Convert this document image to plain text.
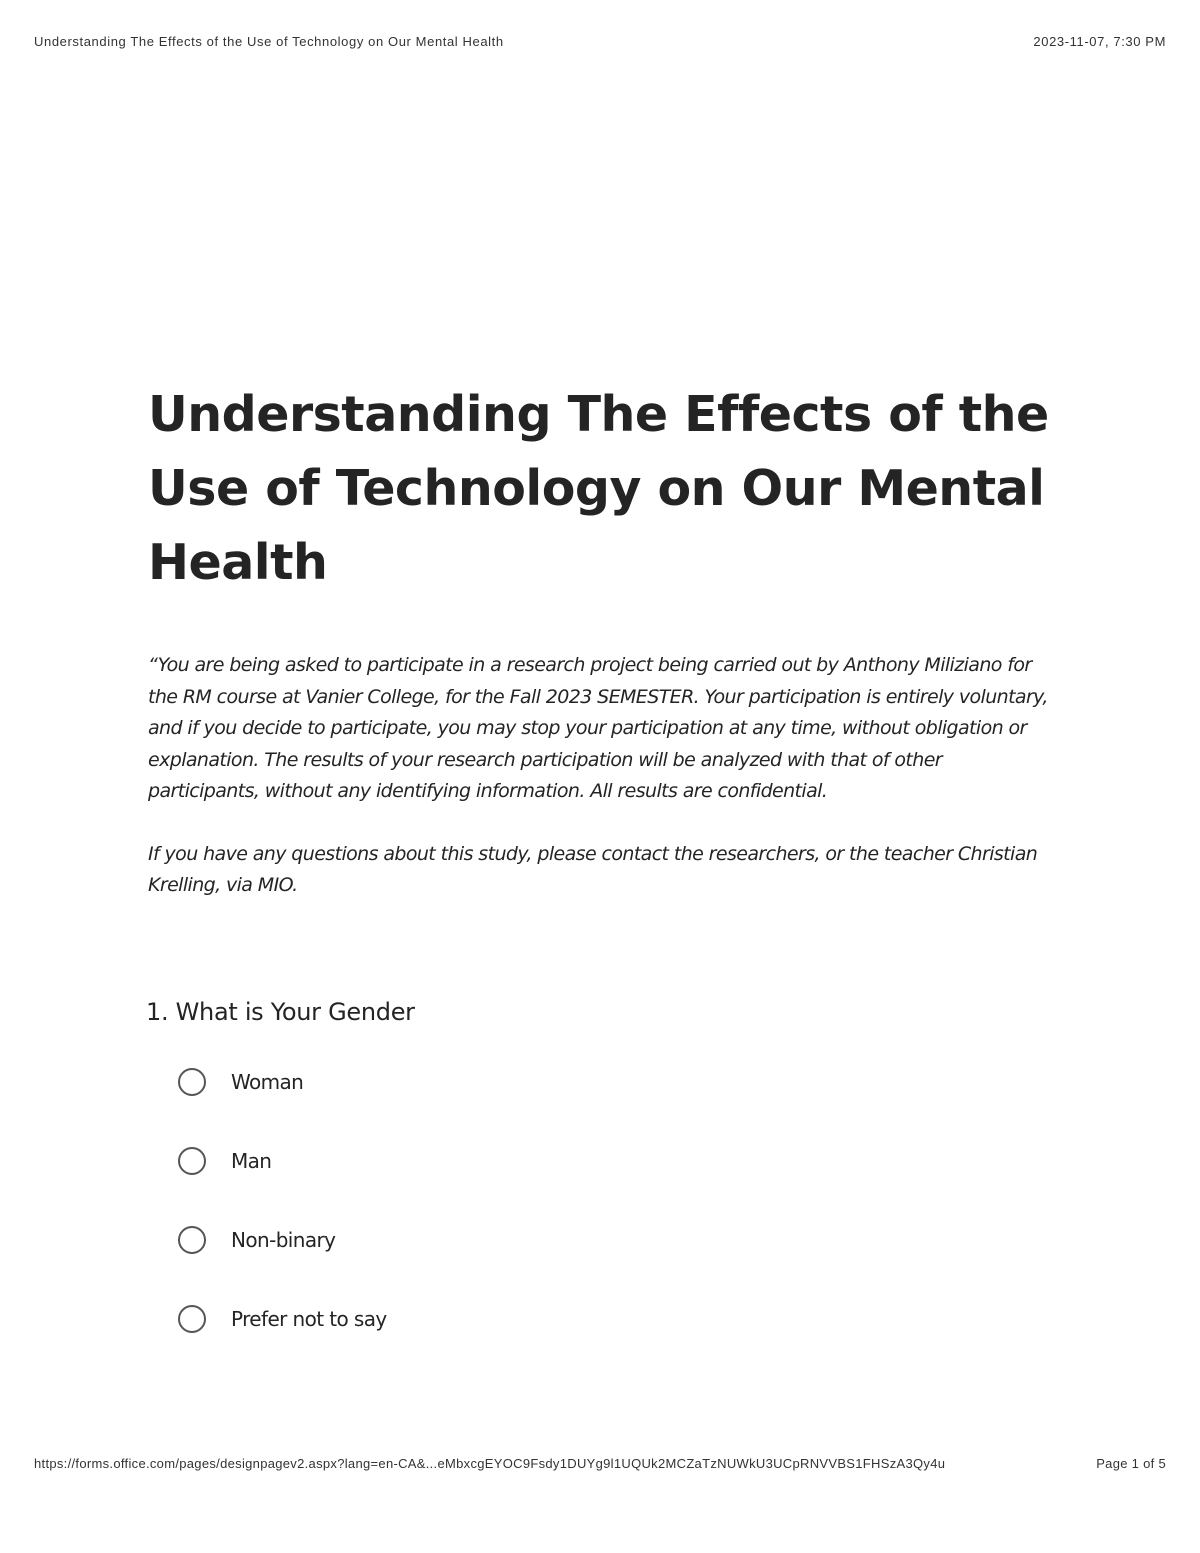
Understanding The Effects of the Use of Technology on Our Mental Health	2023-11-07, 7:30 PM
Understanding The Effects of the Use of Technology on Our Mental Health

“You are being asked to participate in a research project being carried out by Anthony Miliziano for the RM course at Vanier College, for the Fall 2023 SEMESTER. Your participation is entirely voluntary, and if you decide to participate, you may stop your participation at any time, without obligation or explanation. The results of your research participation will be analyzed with that of other participants, without any identifying information. All results are confidential.

If you have any questions about this study, please contact the researchers, or the teacher Christian Krelling, via MIO.

1. What is Your Gender
Woman
Man
Non-binary
Prefer not to say
https://forms.office.com/pages/designpagev2.aspx?lang=en-CA&...eMbxcgEYOC9Fsdy1DUYg9l1UQUk2MCZaTzNUWkU3UCpRNVVBS1FHSzA3Qy4u	Page 1 of 5
